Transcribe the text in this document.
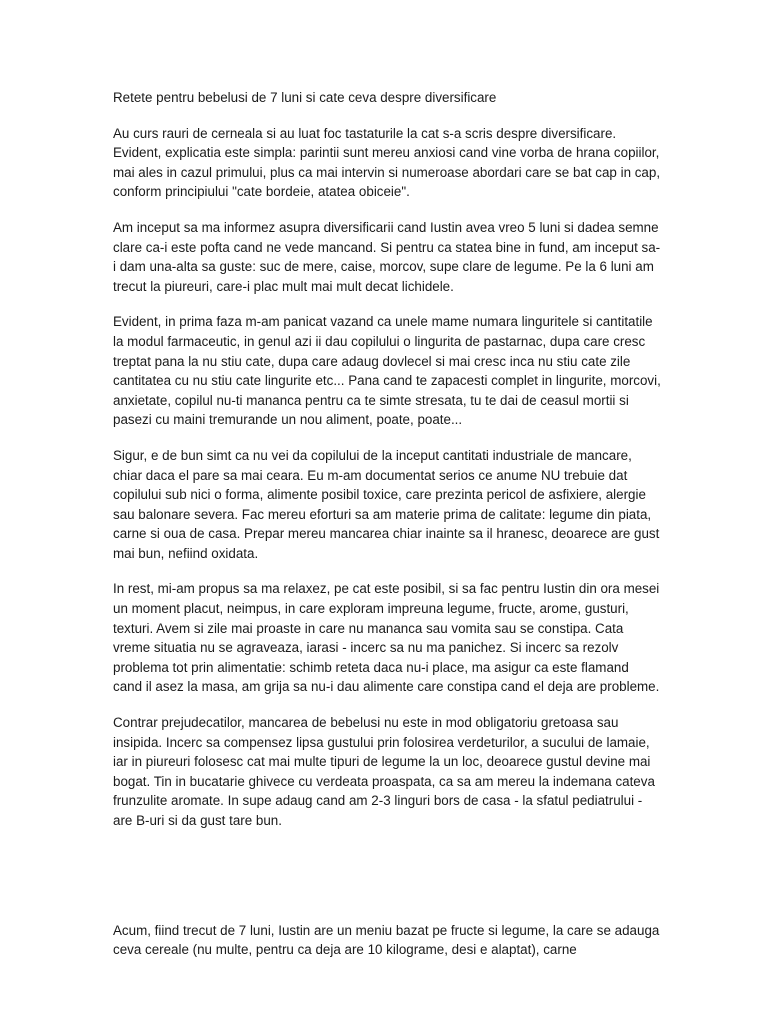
Retete pentru bebelusi de 7 luni si cate ceva despre diversificare

Au curs rauri de cerneala si au luat foc tastaturile la cat s-a scris despre diversificare. Evident, explicatia este simpla: parintii sunt mereu anxiosi cand vine vorba de hrana copiilor, mai ales in cazul primului, plus ca mai intervin si numeroase abordari care se bat cap in cap, conform principiului "cate bordeie, atatea obiceie".

Am inceput sa ma informez asupra diversificarii cand Iustin avea vreo 5 luni si dadea semne clare ca-i este pofta cand ne vede mancand. Si pentru ca statea bine in fund, am inceput sa-i dam una-alta sa guste: suc de mere, caise, morcov, supe clare de legume. Pe la 6 luni am trecut la piureuri, care-i plac mult mai mult decat lichidele.

Evident, in prima faza m-am panicat vazand ca unele mame numara linguritele si cantitatile la modul farmaceutic, in genul azi ii dau copilului o lingurita de pastarnac, dupa care cresc treptat pana la nu stiu cate, dupa care adaug dovlecel si mai cresc inca nu stiu cate zile cantitatea cu nu stiu cate lingurite etc... Pana cand te zapacesti complet in lingurite, morcovi, anxietate, copilul nu-ti mananca pentru ca te simte stresata, tu te dai de ceasul mortii si pasezi cu maini tremurande un nou aliment, poate, poate...

Sigur, e de bun simt ca nu vei da copilului de la inceput cantitati industriale de mancare, chiar daca el pare sa mai ceara. Eu m-am documentat serios ce anume NU trebuie dat copilului sub nici o forma, alimente posibil toxice, care prezinta pericol de asfixiere, alergie sau balonare severa. Fac mereu eforturi sa am materie prima de calitate: legume din piata, carne si oua de casa. Prepar mereu mancarea chiar inainte sa il hranesc, deoarece are gust mai bun, nefiind oxidata.

In rest, mi-am propus sa ma relaxez, pe cat este posibil, si sa fac pentru Iustin din ora mesei un moment placut, neimpus, in care exploram impreuna legume, fructe, arome, gusturi, texturi. Avem si zile mai proaste in care nu mananca sau vomita sau se constipa. Cata vreme situatia nu se agraveaza, iarasi - incerc sa nu ma panichez. Si incerc sa rezolv problema tot prin alimentatie: schimb reteta daca nu-i place, ma asigur ca este flamand cand il asez la masa, am grija sa nu-i dau alimente care constipa cand el deja are probleme.

Contrar prejudecatilor, mancarea de bebelusi nu este in mod obligatoriu gretoasa sau insipida. Incerc sa compensez lipsa gustului prin folosirea verdeturilor, a sucului de lamaie, iar in piureuri folosesc cat mai multe tipuri de legume la un loc, deoarece gustul devine mai bogat. Tin in bucatarie ghivece cu verdeata proaspata, ca sa am mereu la indemana cateva frunzulite aromate. In supe adaug cand am 2-3 linguri bors de casa - la sfatul pediatrului - are B-uri si da gust tare bun.

Acum, fiind trecut de 7 luni, Iustin are un meniu bazat pe fructe si legume, la care se adauga ceva cereale (nu multe, pentru ca deja are 10 kilograme, desi e alaptat), carne
